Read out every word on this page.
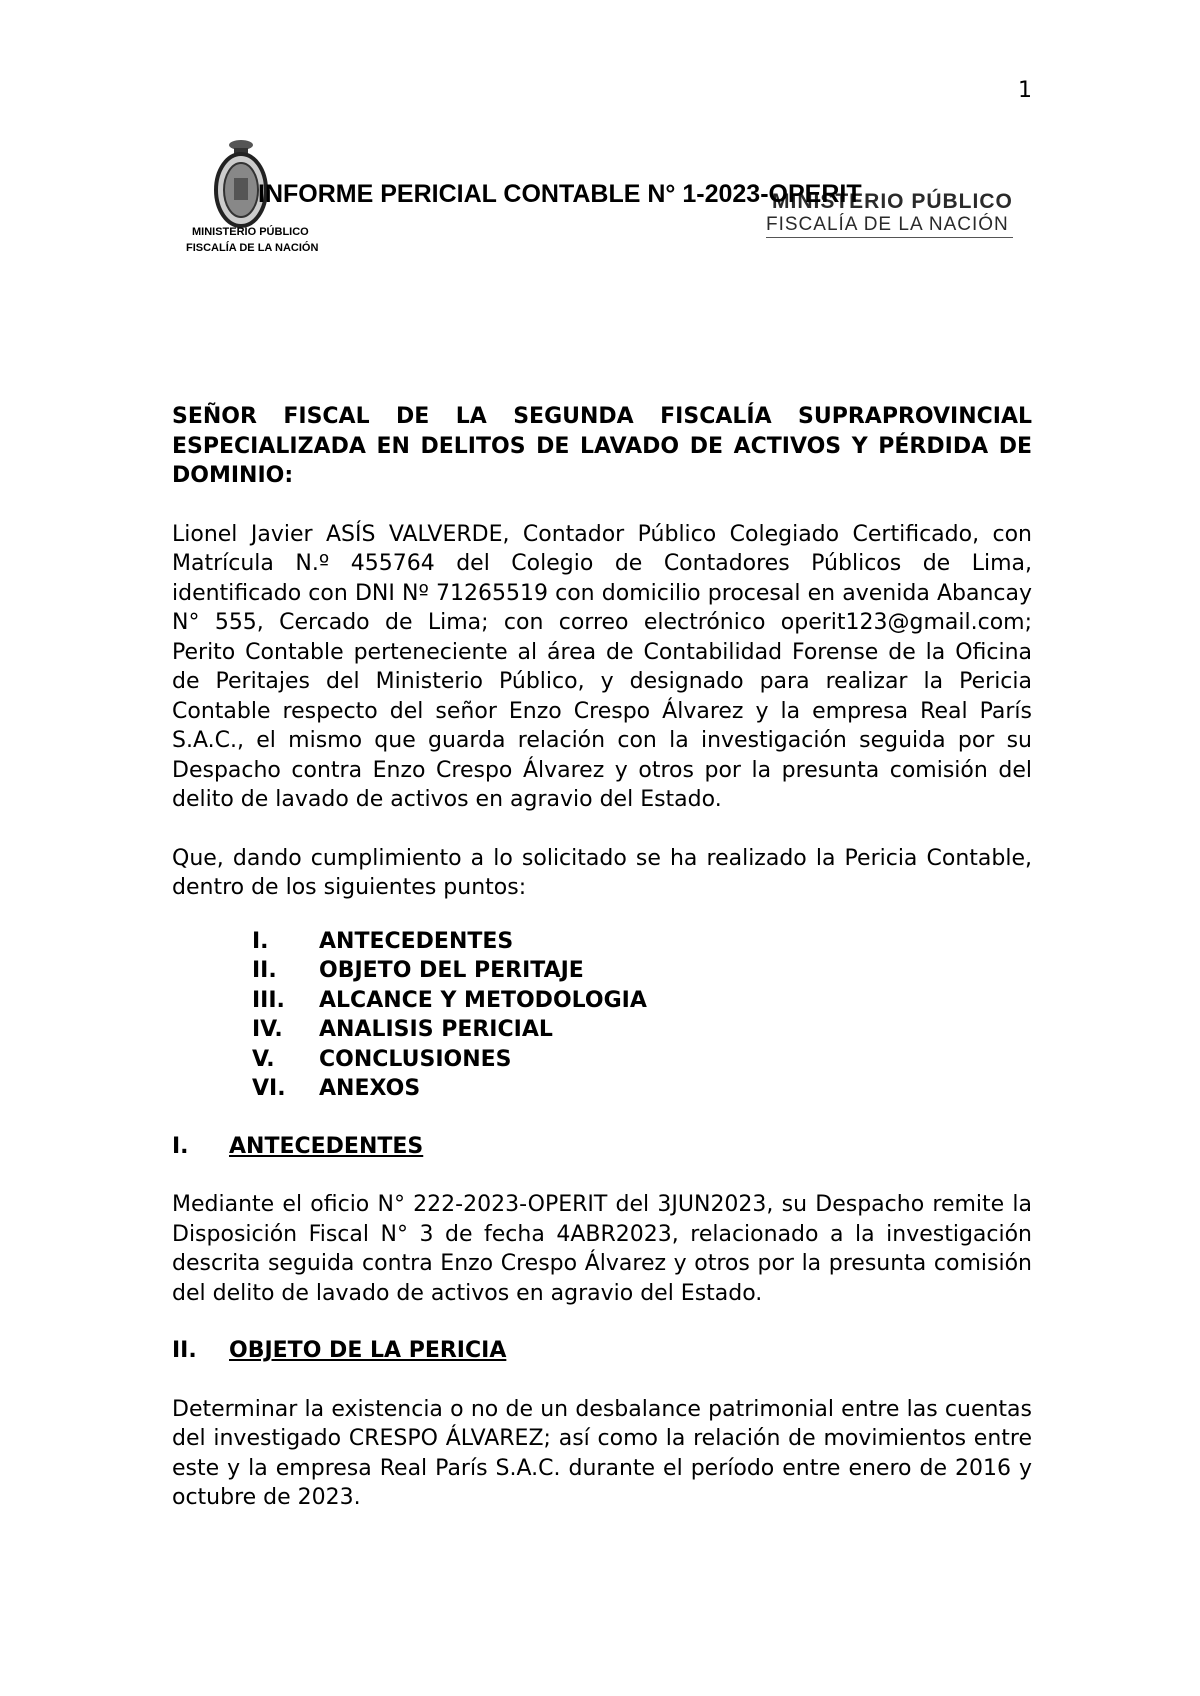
1
MINISTERIO PÚBLICO
FISCALÍA DE LA NACIÓN
MINISTERIO PÚBLICO
FISCALÍA DE LA NACIÓN
INFORME PERICIAL CONTABLE N° 1-2023-OPERIT

SEÑOR FISCAL DE LA SEGUNDA FISCALÍA SUPRAPROVINCIAL ESPECIALIZADA EN DELITOS DE LAVADO DE ACTIVOS Y PÉRDIDA DE DOMINIO:

Lionel Javier ASÍS VALVERDE, Contador Público Colegiado Certificado, con Matrícula N.º 455764 del Colegio de Contadores Públicos de Lima, identificado con DNI Nº 71265519 con domicilio procesal en avenida Abancay N° 555, Cercado de Lima; con correo electrónico operit123@gmail.com; Perito Contable perteneciente al área de Contabilidad Forense de la Oficina de Peritajes del Ministerio Público, y designado para realizar la Pericia Contable respecto del señor Enzo Crespo Álvarez y la empresa Real París S.A.C., el mismo que guarda relación con la investigación seguida por su Despacho contra Enzo Crespo Álvarez y otros por la presunta comisión del delito de lavado de activos en agravio del Estado.

Que, dando cumplimiento a lo solicitado se ha realizado la Pericia Contable, dentro de los siguientes puntos:

I.	ANTECEDENTES
II.	OBJETO DEL PERITAJE
III.	ALCANCE Y METODOLOGIA
IV.	ANALISIS PERICIAL
V.	CONCLUSIONES
VI.	ANEXOS
I.	ANTECEDENTES

Mediante el oficio N° 222-2023-OPERIT del 3JUN2023, su Despacho remite la Disposición Fiscal N° 3 de fecha 4ABR2023, relacionado a la investigación descrita seguida contra Enzo Crespo Álvarez y otros por la presunta comisión del delito de lavado de activos en agravio del Estado.

II.	OBJETO DE LA PERICIA

Determinar la existencia o no de un desbalance patrimonial entre las cuentas del investigado CRESPO ÁLVAREZ; así como la relación de movimientos entre este y la empresa Real París S.A.C. durante el período entre enero de 2016 y octubre de 2023.
